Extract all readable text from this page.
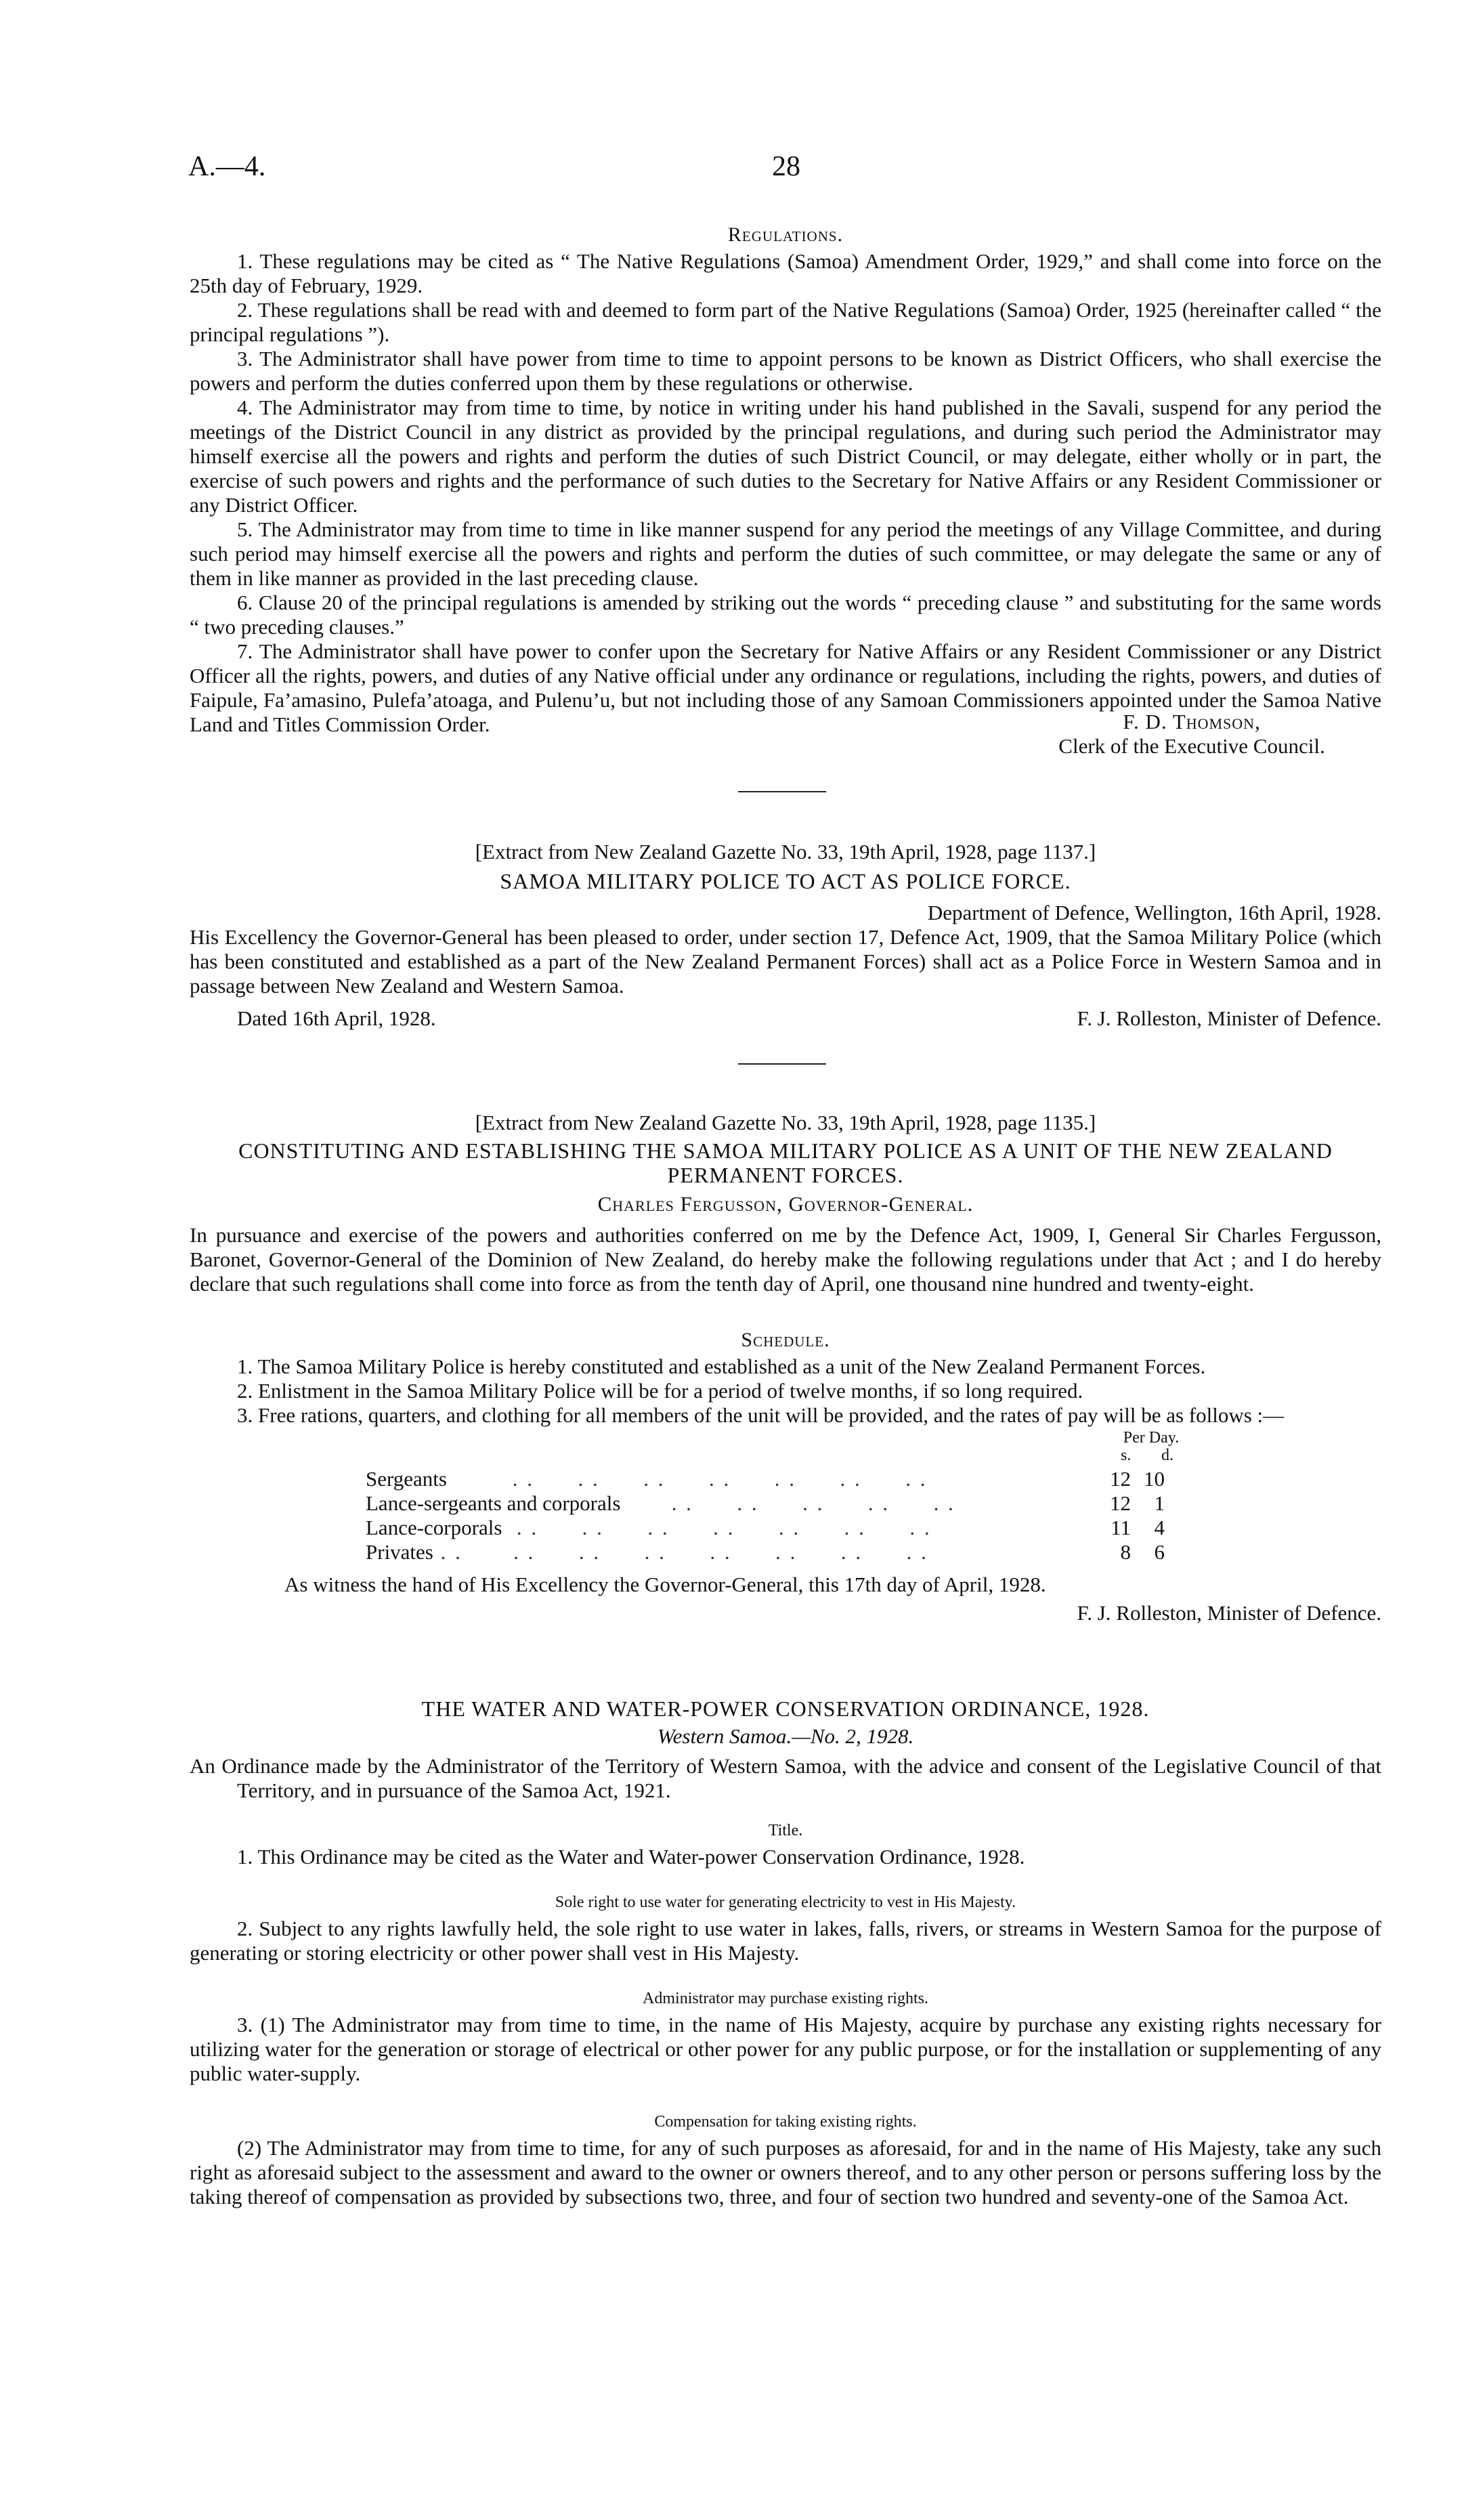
A.—4.	28
Regulations.

1. These regulations may be cited as “ The Native Regulations (Samoa) Amendment Order, 1929,” and shall come into force on the 25th day of February, 1929.

2. These regulations shall be read with and deemed to form part of the Native Regulations (Samoa) Order, 1925 (hereinafter called “ the principal regulations ”).

3. The Administrator shall have power from time to time to appoint persons to be known as District Officers, who shall exercise the powers and perform the duties conferred upon them by these regulations or otherwise.

4. The Administrator may from time to time, by notice in writing under his hand published in the Savali, suspend for any period the meetings of the District Council in any district as provided by the principal regulations, and during such period the Administrator may himself exercise all the powers and rights and perform the duties of such District Council, or may delegate, either wholly or in part, the exercise of such powers and rights and the performance of such duties to the Secretary for Native Affairs or any Resident Commissioner or any District Officer.

5. The Administrator may from time to time in like manner suspend for any period the meetings of any Village Committee, and during such period may himself exercise all the powers and rights and perform the duties of such committee, or may delegate the same or any of them in like manner as provided in the last preceding clause.

6. Clause 20 of the principal regulations is amended by striking out the words “ preceding clause ” and substituting for the same words “ two preceding clauses.”

7. The Administrator shall have power to confer upon the Secretary for Native Affairs or any Resident Commissioner or any District Officer all the rights, powers, and duties of any Native official under any ordinance or regulations, including the rights, powers, and duties of Faipule, Fa’amasino, Pulefa’atoaga, and Pulenu’u, but not including those of any Samoan Commissioners appointed under the Samoa Native Land and Titles Commission Order.	F. D. Thomson,
Clerk of the Executive Council.
[Extract from New Zealand Gazette No. 33, 19th April, 1928, page 1137.]
SAMOA MILITARY POLICE TO ACT AS POLICE FORCE.
Department of Defence, Wellington, 16th April, 1928.
His Excellency the Governor-General has been pleased to order, under section 17, Defence Act, 1909, that the Samoa Military Police (which has been constituted and established as a part of the New Zealand Permanent Forces) shall act as a Police Force in Western Samoa and in passage between New Zealand and Western Samoa.
Dated 16th April, 1928.	F. J. Rolleston, Minister of Defence.
[Extract from New Zealand Gazette No. 33, 19th April, 1928, page 1135.]
CONSTITUTING AND ESTABLISHING THE SAMOA MILITARY POLICE AS A UNIT OF THE NEW ZEALAND
PERMANENT FORCES.
Charles Fergusson, Governor-General.
In pursuance and exercise of the powers and authorities conferred on me by the Defence Act, 1909, I, General Sir Charles Fergusson, Baronet, Governor-General of the Dominion of New Zealand, do hereby make the following regulations under that Act ; and I do hereby declare that such regulations shall come into force as from the tenth day of April, one thousand nine hundred and twenty-eight.
Schedule.

1. The Samoa Military Police is hereby constituted and established as a unit of the New Zealand Permanent Forces.

2. Enlistment in the Samoa Military Police will be for a period of twelve months, if so long required.

3. Free rations, quarters, and clothing for all members of the unit will be provided, and the rates of pay will be as follows :—

Per Day.
s. d.
Sergeants         . .      . .      . .      . .      . .      . .      . .	12	10
Lance-sergeants and corporals       . .      . .      . .      . .      . .	12	1
Lance-corporals  . .      . .      . .      . .      . .      . .      . .	11	4
Privates . .       . .      . .      . .      . .      . .      . .      . .	8	6
As witness the hand of His Excellency the Governor-General, this 17th day of April, 1928.
F. J. Rolleston, Minister of Defence.
THE WATER AND WATER-POWER CONSERVATION ORDINANCE, 1928.
Western Samoa.—No. 2, 1928.
An Ordinance made by the Administrator of the Territory of Western Samoa, with the advice and consent of the Legislative Council of that Territory, and in pursuance of the Samoa Act, 1921.
Title.
1. This Ordinance may be cited as the Water and Water-power Conservation Ordinance, 1928.
Sole right to use water for generating electricity to vest in His Majesty.
2. Subject to any rights lawfully held, the sole right to use water in lakes, falls, rivers, or streams in Western Samoa for the purpose of generating or storing electricity or other power shall vest in His Majesty.
Administrator may purchase existing rights.
3. (1) The Administrator may from time to time, in the name of His Majesty, acquire by purchase any existing rights necessary for utilizing water for the generation or storage of electrical or other power for any public purpose, or for the installation or supplementing of any public water-supply.
Compensation for taking existing rights.
(2) The Administrator may from time to time, for any of such purposes as aforesaid, for and in the name of His Majesty, take any such right as aforesaid subject to the assessment and award to the owner or owners thereof, and to any other person or persons suffering loss by the taking thereof of compensation as provided by subsections two, three, and four of section two hundred and seventy-one of the Samoa Act.
